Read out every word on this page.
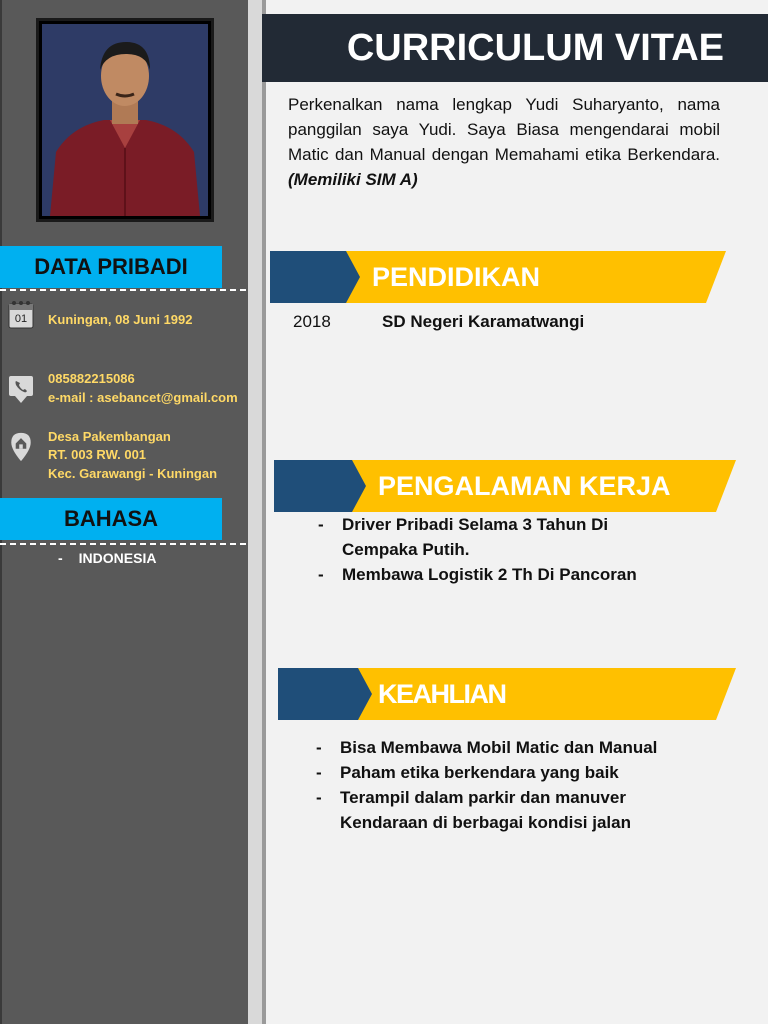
DATA PRIBADI
01 Kuningan, 08 Juni 1992
085882215086
e-mail : asebancet@gmail.com
Desa Pakembangan
RT. 003 RW. 001
Kec. Garawangi - Kuningan
BAHASA
- INDONESIA
CURRICULUM VITAE
Perkenalkan nama lengkap Yudi Suharyanto, nama panggilan saya Yudi. Saya Biasa mengendarai mobil Matic dan Manual dengan Memahami etika Berkendara. (Memiliki SIM A)
PENDIDIKAN
2018	SD Negeri Karamatwangi
PENGALAMAN KERJA
- Driver Pribadi Selama 3 Tahun Di Cempaka Putih.
- Membawa Logistik 2 Th Di Pancoran
KEAHLIAN
- Bisa Membawa Mobil Matic dan Manual
- Paham etika berkendara yang baik
- Terampil dalam parkir dan manuver Kendaraan di berbagai kondisi jalan
